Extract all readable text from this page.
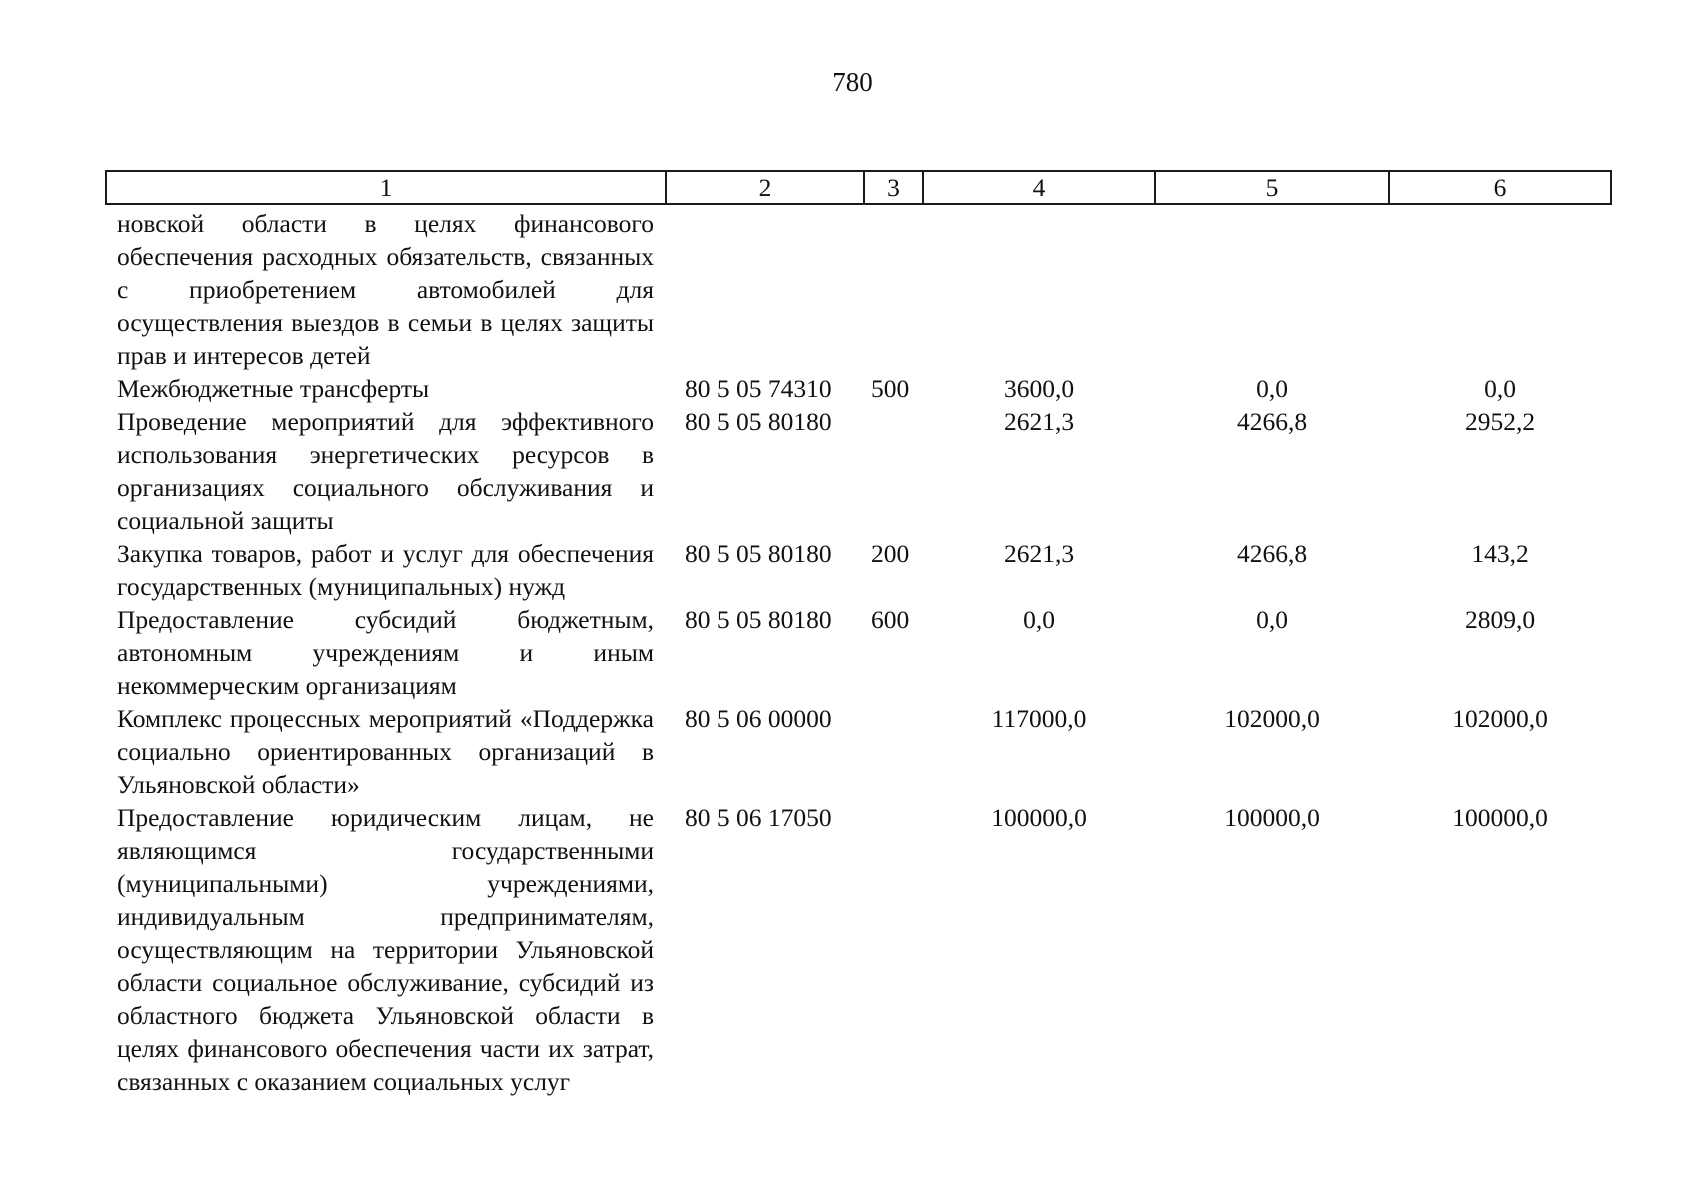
780
1	2	3	4	5	6
новской области в целях финансового обеспечения расходных обязательств, связанных с приобретением автомобилей для осуществления выездов в семьи в целях защиты прав и интересов детей					
Межбюджетные трансферты	80 5 05 74310	500	3600,0	0,0	0,0
Проведение мероприятий для эффективного использования энергетических ресурсов в организациях социального обслуживания и социальной защиты	80 5 05 80180		2621,3	4266,8	2952,2
Закупка товаров, работ и услуг для обеспечения государственных (муниципальных) нужд	80 5 05 80180	200	2621,3	4266,8	143,2
Предоставление субсидий бюджетным, автономным учреждениям и иным некоммерческим организациям	80 5 05 80180	600	0,0	0,0	2809,0
Комплекс процессных мероприятий «Поддержка социально ориентированных организаций в Ульяновской области»	80 5 06 00000		117000,0	102000,0	102000,0
Предоставление юридическим лицам, не являющимся государственными (муниципальными) учреждениями, индивидуальным предпринимателям, осуществляющим на территории Ульяновской области социальное обслуживание, субсидий из областного бюджета Ульяновской области в целях финансового обеспечения части их затрат, связанных с оказанием социальных услуг	80 5 06 17050		100000,0	100000,0	100000,0
